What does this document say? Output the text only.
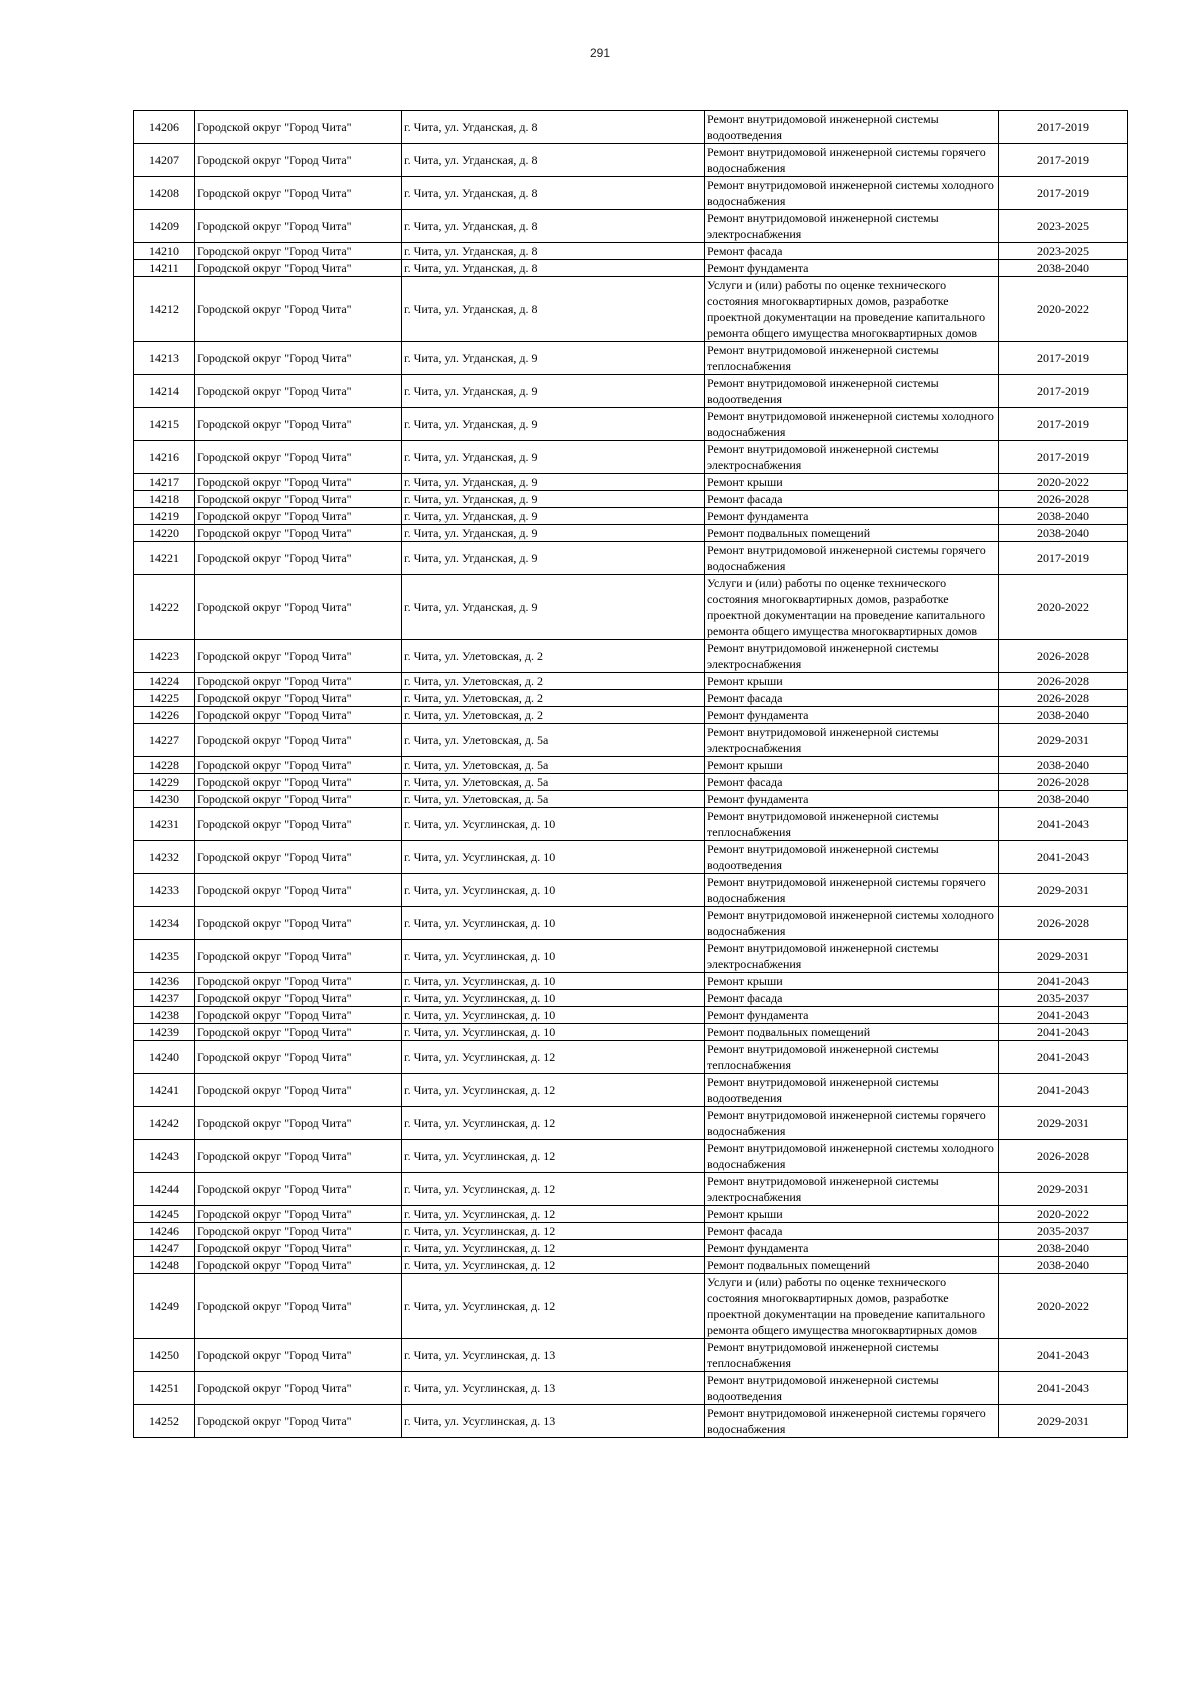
291
14206	Городской округ "Город Чита"	г. Чита, ул. Угданская, д. 8	Ремонт внутридомовой инженерной системы водоотведения	2017-2019
14207	Городской округ "Город Чита"	г. Чита, ул. Угданская, д. 8	Ремонт внутридомовой инженерной системы горячего водоснабжения	2017-2019
14208	Городской округ "Город Чита"	г. Чита, ул. Угданская, д. 8	Ремонт внутридомовой инженерной системы холодного водоснабжения	2017-2019
14209	Городской округ "Город Чита"	г. Чита, ул. Угданская, д. 8	Ремонт внутридомовой инженерной системы электроснабжения	2023-2025
14210	Городской округ "Город Чита"	г. Чита, ул. Угданская, д. 8	Ремонт фасада	2023-2025
14211	Городской округ "Город Чита"	г. Чита, ул. Угданская, д. 8	Ремонт фундамента	2038-2040
14212	Городской округ "Город Чита"	г. Чита, ул. Угданская, д. 8	Услуги и (или) работы по оценке технического состояния многоквартирных домов, разработке проектной документации на проведение капитального ремонта общего имущества многоквартирных домов	2020-2022
14213	Городской округ "Город Чита"	г. Чита, ул. Угданская, д. 9	Ремонт внутридомовой инженерной системы теплоснабжения	2017-2019
14214	Городской округ "Город Чита"	г. Чита, ул. Угданская, д. 9	Ремонт внутридомовой инженерной системы водоотведения	2017-2019
14215	Городской округ "Город Чита"	г. Чита, ул. Угданская, д. 9	Ремонт внутридомовой инженерной системы холодного водоснабжения	2017-2019
14216	Городской округ "Город Чита"	г. Чита, ул. Угданская, д. 9	Ремонт внутридомовой инженерной системы электроснабжения	2017-2019
14217	Городской округ "Город Чита"	г. Чита, ул. Угданская, д. 9	Ремонт крыши	2020-2022
14218	Городской округ "Город Чита"	г. Чита, ул. Угданская, д. 9	Ремонт фасада	2026-2028
14219	Городской округ "Город Чита"	г. Чита, ул. Угданская, д. 9	Ремонт фундамента	2038-2040
14220	Городской округ "Город Чита"	г. Чита, ул. Угданская, д. 9	Ремонт подвальных помещений	2038-2040
14221	Городской округ "Город Чита"	г. Чита, ул. Угданская, д. 9	Ремонт внутридомовой инженерной системы горячего водоснабжения	2017-2019
14222	Городской округ "Город Чита"	г. Чита, ул. Угданская, д. 9	Услуги и (или) работы по оценке технического состояния многоквартирных домов, разработке проектной документации на проведение капитального ремонта общего имущества многоквартирных домов	2020-2022
14223	Городской округ "Город Чита"	г. Чита, ул. Улетовская, д. 2	Ремонт внутридомовой инженерной системы электроснабжения	2026-2028
14224	Городской округ "Город Чита"	г. Чита, ул. Улетовская, д. 2	Ремонт крыши	2026-2028
14225	Городской округ "Город Чита"	г. Чита, ул. Улетовская, д. 2	Ремонт фасада	2026-2028
14226	Городской округ "Город Чита"	г. Чита, ул. Улетовская, д. 2	Ремонт фундамента	2038-2040
14227	Городской округ "Город Чита"	г. Чита, ул. Улетовская, д. 5а	Ремонт внутридомовой инженерной системы электроснабжения	2029-2031
14228	Городской округ "Город Чита"	г. Чита, ул. Улетовская, д. 5а	Ремонт крыши	2038-2040
14229	Городской округ "Город Чита"	г. Чита, ул. Улетовская, д. 5а	Ремонт фасада	2026-2028
14230	Городской округ "Город Чита"	г. Чита, ул. Улетовская, д. 5а	Ремонт фундамента	2038-2040
14231	Городской округ "Город Чита"	г. Чита, ул. Усуглинская, д. 10	Ремонт внутридомовой инженерной системы теплоснабжения	2041-2043
14232	Городской округ "Город Чита"	г. Чита, ул. Усуглинская, д. 10	Ремонт внутридомовой инженерной системы водоотведения	2041-2043
14233	Городской округ "Город Чита"	г. Чита, ул. Усуглинская, д. 10	Ремонт внутридомовой инженерной системы горячего водоснабжения	2029-2031
14234	Городской округ "Город Чита"	г. Чита, ул. Усуглинская, д. 10	Ремонт внутридомовой инженерной системы холодного водоснабжения	2026-2028
14235	Городской округ "Город Чита"	г. Чита, ул. Усуглинская, д. 10	Ремонт внутридомовой инженерной системы электроснабжения	2029-2031
14236	Городской округ "Город Чита"	г. Чита, ул. Усуглинская, д. 10	Ремонт крыши	2041-2043
14237	Городской округ "Город Чита"	г. Чита, ул. Усуглинская, д. 10	Ремонт фасада	2035-2037
14238	Городской округ "Город Чита"	г. Чита, ул. Усуглинская, д. 10	Ремонт фундамента	2041-2043
14239	Городской округ "Город Чита"	г. Чита, ул. Усуглинская, д. 10	Ремонт подвальных помещений	2041-2043
14240	Городской округ "Город Чита"	г. Чита, ул. Усуглинская, д. 12	Ремонт внутридомовой инженерной системы теплоснабжения	2041-2043
14241	Городской округ "Город Чита"	г. Чита, ул. Усуглинская, д. 12	Ремонт внутридомовой инженерной системы водоотведения	2041-2043
14242	Городской округ "Город Чита"	г. Чита, ул. Усуглинская, д. 12	Ремонт внутридомовой инженерной системы горячего водоснабжения	2029-2031
14243	Городской округ "Город Чита"	г. Чита, ул. Усуглинская, д. 12	Ремонт внутридомовой инженерной системы холодного водоснабжения	2026-2028
14244	Городской округ "Город Чита"	г. Чита, ул. Усуглинская, д. 12	Ремонт внутридомовой инженерной системы электроснабжения	2029-2031
14245	Городской округ "Город Чита"	г. Чита, ул. Усуглинская, д. 12	Ремонт крыши	2020-2022
14246	Городской округ "Город Чита"	г. Чита, ул. Усуглинская, д. 12	Ремонт фасада	2035-2037
14247	Городской округ "Город Чита"	г. Чита, ул. Усуглинская, д. 12	Ремонт фундамента	2038-2040
14248	Городской округ "Город Чита"	г. Чита, ул. Усуглинская, д. 12	Ремонт подвальных помещений	2038-2040
14249	Городской округ "Город Чита"	г. Чита, ул. Усуглинская, д. 12	Услуги и (или) работы по оценке технического состояния многоквартирных домов, разработке проектной документации на проведение капитального ремонта общего имущества многоквартирных домов	2020-2022
14250	Городской округ "Город Чита"	г. Чита, ул. Усуглинская, д. 13	Ремонт внутридомовой инженерной системы теплоснабжения	2041-2043
14251	Городской округ "Город Чита"	г. Чита, ул. Усуглинская, д. 13	Ремонт внутридомовой инженерной системы водоотведения	2041-2043
14252	Городской округ "Город Чита"	г. Чита, ул. Усуглинская, д. 13	Ремонт внутридомовой инженерной системы горячего водоснабжения	2029-2031
